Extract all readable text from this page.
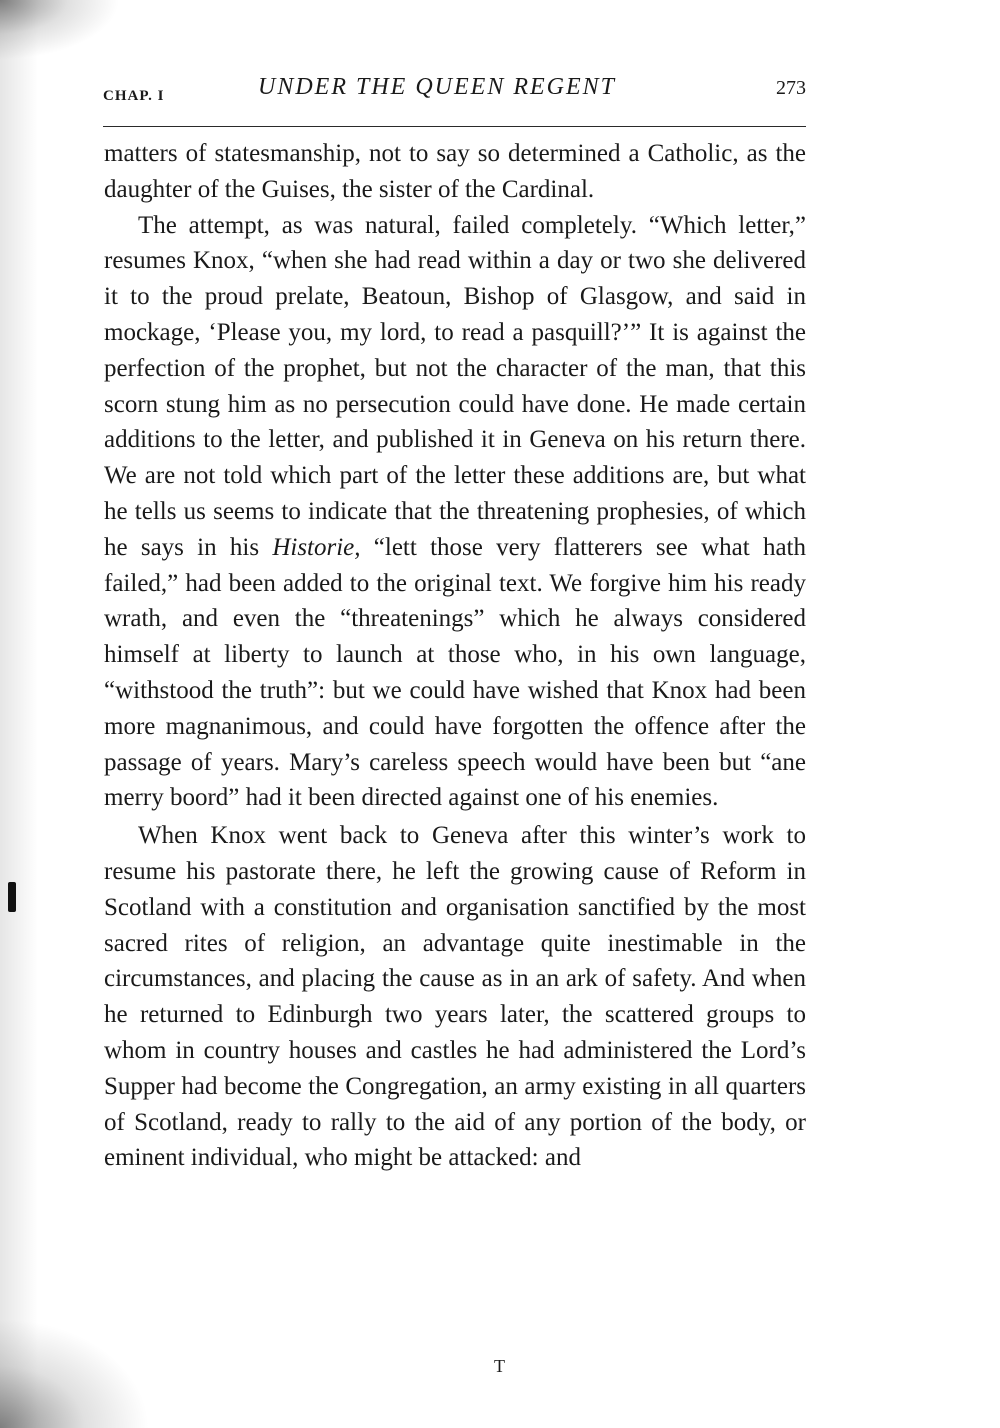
CHAP. I	UNDER THE QUEEN REGENT	273

matters of statesmanship, not to say so determined a Catholic, as the daughter of the Guises, the sister of the Cardinal.

The attempt, as was natural, failed completely. “Which letter,” resumes Knox, “when she had read within a day or two she delivered it to the proud prelate, Beatoun, Bishop of Glasgow, and said in mockage, ‘Please you, my lord, to read a pasquill?’” It is against the perfection of the prophet, but not the character of the man, that this scorn stung him as no persecution could have done. He made certain additions to the letter, and published it in Geneva on his return there. We are not told which part of the letter these additions are, but what he tells us seems to indicate that the threatening prophesies, of which he says in his Historie, “lett those very flatterers see what hath failed,” had been added to the original text. We forgive him his ready wrath, and even the “threatenings” which he always considered himself at liberty to launch at those who, in his own language, “withstood the truth”: but we could have wished that Knox had been more magnanimous, and could have forgotten the offence after the passage of years. Mary’s careless speech would have been but “ane merry boord” had it been directed against one of his enemies.

When Knox went back to Geneva after this winter’s work to resume his pastorate there, he left the growing cause of Reform in Scotland with a constitution and organisation sanctified by the most sacred rites of religion, an advantage quite inestimable in the circumstances, and placing the cause as in an ark of safety. And when he returned to Edinburgh two years later, the scattered groups to whom in country houses and castles he had administered the Lord’s Supper had become the Congregation, an army existing in all quarters of Scotland, ready to rally to the aid of any portion of the body, or eminent individual, who might be attacked: and

T
